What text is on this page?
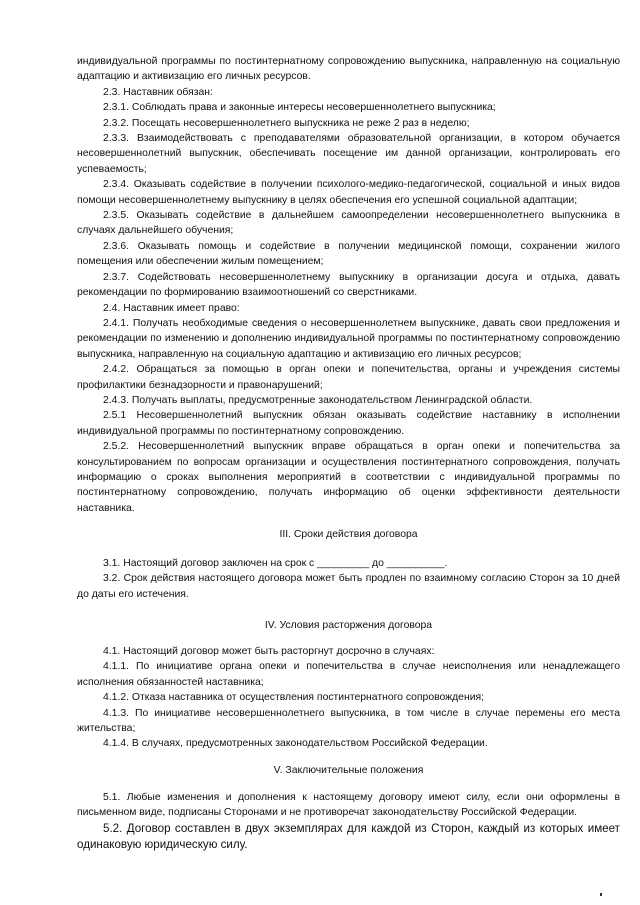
индивидуальной программы по постинтернатному сопровождению выпускника, направленную на социальную адаптацию и активизацию его личных ресурсов.

2.3. Наставник обязан:

2.3.1. Соблюдать права и законные интересы несовершеннолетнего выпускника;

2.3.2. Посещать несовершеннолетнего выпускника не реже 2 раз в неделю;

2.3.3. Взаимодействовать с преподавателями образовательной организации, в котором обучается несовершеннолетний выпускник, обеспечивать посещение им данной организации, контролировать его успеваемость;

2.3.4. Оказывать содействие в получении психолого-медико-педагогической, социальной и иных видов помощи несовершеннолетнему выпускнику в целях обеспечения его успешной социальной адаптации;

2.3.5. Оказывать содействие в дальнейшем самоопределении несовершеннолетнего выпускника в случаях дальнейшего обучения;

2.3.6. Оказывать помощь и содействие в получении медицинской помощи, сохранении жилого помещения или обеспечении жилым помещением;

2.3.7. Содействовать несовершеннолетнему выпускнику в организации досуга и отдыха, давать рекомендации по формированию взаимоотношений со сверстниками.

2.4. Наставник имеет право:

2.4.1. Получать необходимые сведения о несовершеннолетнем выпускнике, давать свои предложения и рекомендации по изменению и дополнению индивидуальной программы по постинтернатному сопровождению выпускника, направленную на социальную адаптацию и активизацию его личных ресурсов;

2.4.2. Обращаться за помощью в орган опеки и попечительства, органы и учреждения системы профилактики безнадзорности и правонарушений;

2.4.3. Получать выплаты, предусмотренные законодательством Ленинградской области.

2.5.1 Несовершеннолетний выпускник обязан оказывать содействие наставнику в исполнении индивидуальной программы по постинтернатному сопровождению.

2.5.2. Несовершеннолетний выпускник вправе обращаться в орган опеки и попечительства за консультированием по вопросам организации и осуществления постинтернатного сопровождения, получать информацию о сроках выполнения мероприятий в соответствии с индивидуальной программы по постинтернатному сопровождению, получать информацию об оценки эффективности деятельности наставника.

III. Сроки действия договора

3.1. Настоящий договор заключен на срок с _________ до __________.

3.2. Срок действия настоящего договора может быть продлен по взаимному согласию Сторон за 10 дней до даты его истечения.

IV. Условия расторжения договора

4.1. Настоящий договор может быть расторгнут досрочно в случаях:

4.1.1. По инициативе органа опеки и попечительства в случае неисполнения или ненадлежащего исполнения обязанностей наставника;

4.1.2. Отказа наставника от осуществления постинтернатного сопровождения;

4.1.3. По инициативе несовершеннолетнего выпускника, в том числе в случае перемены его места жительства;

4.1.4. В случаях, предусмотренных законодательством Российской Федерации.

V. Заключительные положения

5.1. Любые изменения и дополнения к настоящему договору имеют силу, если они оформлены в письменном виде, подписаны Сторонами и не противоречат законодательству Российской Федерации.

5.2. Договор составлен в двух экземплярах для каждой из Сторон, каждый из которых имеет одинаковую юридическую силу.
